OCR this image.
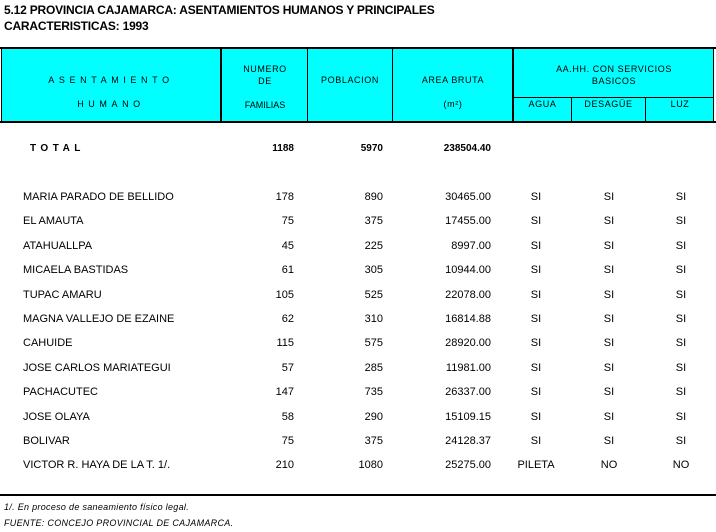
5.12 PROVINCIA CAJAMARCA: ASENTAMIENTOS HUMANOS Y PRINCIPALES
CARACTERISTICAS: 1993
ASENTAMIENTO
HUMANO
NUMERO
DE
FAMILIAS
POBLACION	AREA BRUTA
(m²)
AA.HH. CON SERVICIOS
BASICOS
AGUA	DESAGÜE	LUZ
TOTAL	1188	5970	238504.40
MARIA PARADO DE BELLIDO	178	890	30465.00	SI	SI	SI
EL AMAUTA	75	375	17455.00	SI	SI	SI
ATAHUALLPA	45	225	8997.00	SI	SI	SI
MICAELA BASTIDAS	61	305	10944.00	SI	SI	SI
TUPAC AMARU	105	525	22078.00	SI	SI	SI
MAGNA VALLEJO DE EZAINE	62	310	16814.88	SI	SI	SI
CAHUIDE	115	575	28920.00	SI	SI	SI
JOSE CARLOS MARIATEGUI	57	285	11981.00	SI	SI	SI
PACHACUTEC	147	735	26337.00	SI	SI	SI
JOSE OLAYA	58	290	15109.15	SI	SI	SI
BOLIVAR	75	375	24128.37	SI	SI	SI
VICTOR R. HAYA DE LA T. 1/.	210	1080	25275.00	PILETA	NO	NO
1/. En proceso de saneamiento físico legal.
FUENTE: CONCEJO PROVINCIAL DE CAJAMARCA.
